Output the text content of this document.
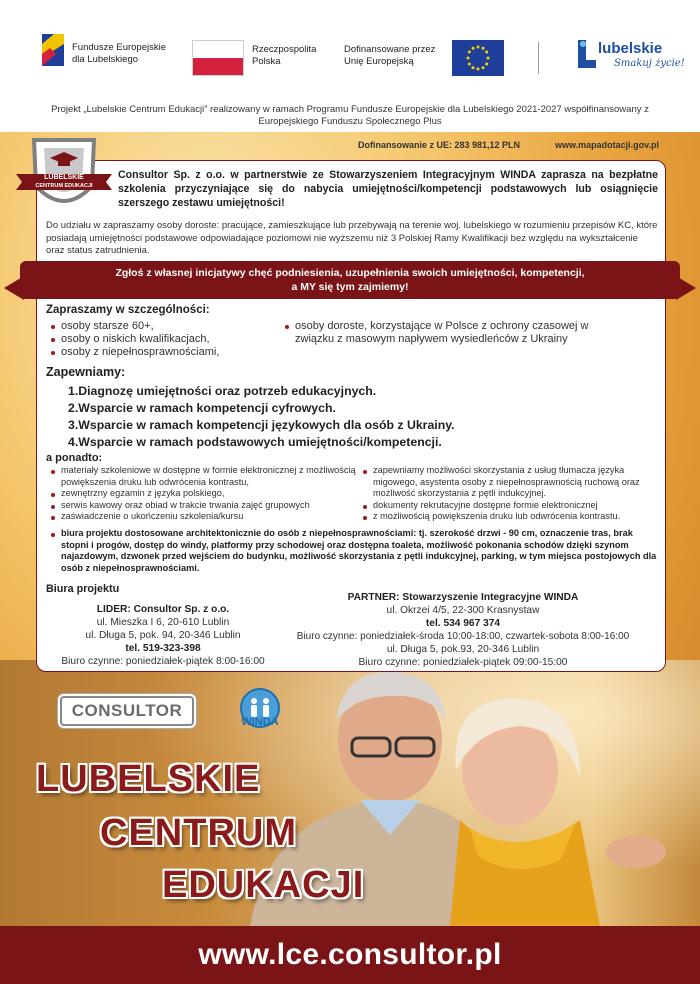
Fundusze Europejskie
dla Lubelskiego
Rzeczpospolita
Polska
Dofinansowane przez
Unię Europejską
lubelskie
Smakuj życie!
Projekt „Lubelskie Centrum Edukacji” realizowany w ramach Programu Fundusze Europejskie dla Lubelskiego 2021-2027 współfinansowany z Europejskiego Funduszu Społecznego Plus
Dofinansowanie z UE: 283 981,12 PLN	www.mapadotacji.gov.pl
LUBELSKIE
CENTRUM EDUKACJI
Consultor Sp. z o.o. w partnerstwie ze Stowarzyszeniem Integracyjnym WINDA zaprasza na bezpłatne szkolenia przyczyniające się do nabycia umiejętności/kompetencji podstawowych lub osiągnięcie szerszego zestawu umiejętności!
Do udziału w zapraszamy osoby doroste: pracujące, zamieszkujące lub przebywają na terenie woj. lubelskiego w rozumieniu przepisów KC, które posiadają umiejętności podstawowe odpowiadające poziomowi nie wyższemu niż 3 Polskiej Ramy Kwalifikacji bez względu na wykształcenie oraz status zatrudnienia.
Zgłoś z własnej inicjatywy chęć podniesienia, uzupełnienia swoich umiejętności, kompetencji,
a MY się tym zajmiemy!
Zapraszamy w szczególności:
osoby starsze 60+,
osoby o niskich kwalifikacjach,
osoby z niepełnosprawnościami,
osoby doroste, korzystające w Polsce z ochrony czasowej w związku z masowym napływem wysiedleńców z Ukrainy
Zapewniamy:
1.Diagnozę umiejętności oraz potrzeb edukacyjnych.
2.Wsparcie w ramach kompetencji cyfrowych.
3.Wsparcie w ramach kompetencji językowych dla osób z Ukrainy.
4.Wsparcie w ramach podstawowych umiejętności/kompetencji.
a ponadto:
materiały szkoleniowe w dostępne w formie elektronicznej z możliwością powiększenia druku lub odwrócenia kontrastu,
zewnętrzny egzamin z języka polskiego,
serwis kawowy oraz obiad w trakcie trwania zajęć grupowych
zaświadczenie o ukończeniu szkolenia/kursu
zapewniamy możliwości skorzystania z usług tłumacza języka migowego, asystenta osoby z niepełnosprawnością ruchową oraz możliwość skorzystania z pętli indukcyjnej.
dokumenty rekrutacyjne dostępne formie elektronicznej
z możliwością powiększenia druku lub odwrócenia kontrastu.
biura projektu dostosowane architektonicznie do osób z niepełnosprawnościami: tj. szerokość drzwi - 90 cm, oznaczenie tras, brak stopni i progów, dostęp do windy, platformy przy schodowej oraz dostępna toaleta, możliwość pokonania schodów dzięki szynom najazdowym, dzwonek przed wejściem do budynku, możliwość skorzystania z pętli indukcyjnej, parking, w tym miejsca postojowych dla osób z niepełnosprawnościami.
Biura projektu
LIDER: Consultor Sp. z o.o.
ul. Mieszka I 6, 20-610 Lublin
ul. Długa 5, pok. 94, 20-346 Lublin
tel. 519-323-398
Biuro czynne: poniedziałek-piątek 8:00-16:00
PARTNER: Stowarzyszenie Integracyjne WINDA
ul. Okrzei 4/5, 22-300 Krasnystaw
tel. 534 967 374
Biuro czynne: poniedziałek-środa 10:00-18:00, czwartek-sobota 8:00-16:00
ul. Długa 5, pok.93, 20-346 Lublin
Biuro czynne: poniedziałek-piątek 09:00-15:00
CONSULTOR
WINDA
LUBELSKIE
CENTRUM
EDUKACJI
www.lce.consultor.pl
